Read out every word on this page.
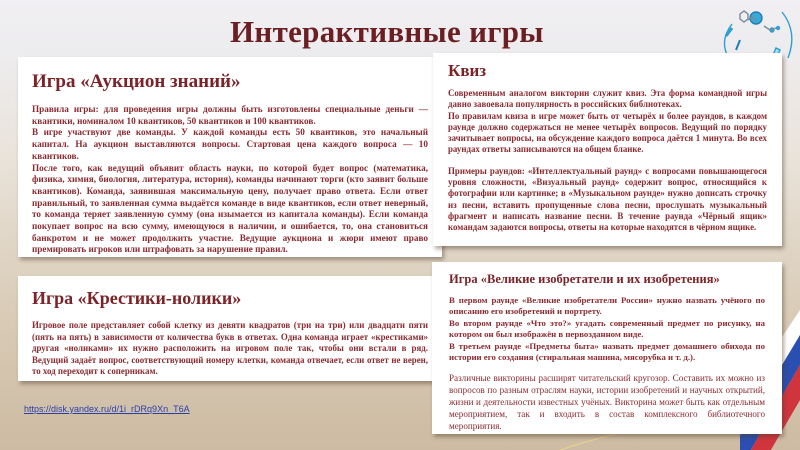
Интерактивные игры
Игра «Аукцион знаний»

Правила игры: для проведения игры должны быть изготовлены специальные деньги — квантики, номиналом 10 квантиков, 50 квантиков и 100 квантиков.

В игре участвуют две команды. У каждой команды есть 50 квантиков, это начальный капитал. На аукцион выставляются вопросы. Стартовая цена каждого вопроса — 10 квантиков.

После того, как ведущий объявит область науки, по которой будет вопрос (математика, физика, химия, биология, литература, история), команды начинают торги (кто заявит больше квантиков). Команда, заявившая максимальную цену, получает право ответа. Если ответ правильный, то заявленная сумма выдаётся команде в виде квантиков, если ответ неверный, то команда теряет заявленную сумму (она изымается из капитала команды). Если команда покупает вопрос на всю сумму, имеющуюся в наличии, и ошибается, то, она становиться банкротом и не может продолжить участие. Ведущие аукциона и жюри имеют право премировать игроков или штрафовать за нарушение правил.

Квиз

Современным аналогом викторин служит квиз. Эта форма командной игры давно завоевала популярность в российских библиотеках.

По правилам квиза в игре может быть от четырёх и более раундов, в каждом раунде должно содержаться не менее четырёх вопросов. Ведущий по порядку зачитывает вопросы, на обсуждение каждого вопроса даётся 1 минута. Во всех раундах ответы записываются на общем бланке.

Примеры раундов: «Интеллектуальный раунд» с вопросами повышающегося уровня сложности, «Визуальный раунд» содержит вопрос, относящийся к фотографии или картинке; в «Музыкальном раунде» нужно дописать строчку из песни, вставить пропущенные слова песни, прослушать музыкальный фрагмент и написать название песни. В течение раунда «Чёрный ящик» командам задаются вопросы, ответы на которые находятся в чёрном ящике.

Игра «Крестики-нолики»

Игровое поле представляет собой клетку из девяти квадратов (три на три) или двадцати пяти (пять на пять) в зависимости от количества букв в ответах. Одна команда играет «крестиками» другая «ноликами» их нужно расположить на игровом поле так, чтобы они встали в ряд. Ведущий задаёт вопрос, соответствующий номеру клетки, команда отвечает, если ответ не верен, то ход переходит к соперникам.

Игра «Великие изобретатели и их изобретения»

В первом раунде «Великие изобретатели России» нужно назвать учёного по описанию его изобретений и портрету.

Во втором раунде «Что это?» угадать современный предмет по рисунку, на котором он был изображён в первозданном виде.

В третьем раунде «Предметы быта» назвать предмет домашнего обихода по истории его создания (стиральная машина, мясорубка и т. д.).

Различные викторины расширят читательский кругозор. Составить их можно из вопросов по разным отраслям науки, истории изобретений и научных открытий, жизни и деятельности известных учёных. Викторина может быть как отдельным мероприятием, так и входить в состав комплексного библиотечного мероприятия.

https://disk.yandex.ru/d/1i_rDRq9Xn_T6A
